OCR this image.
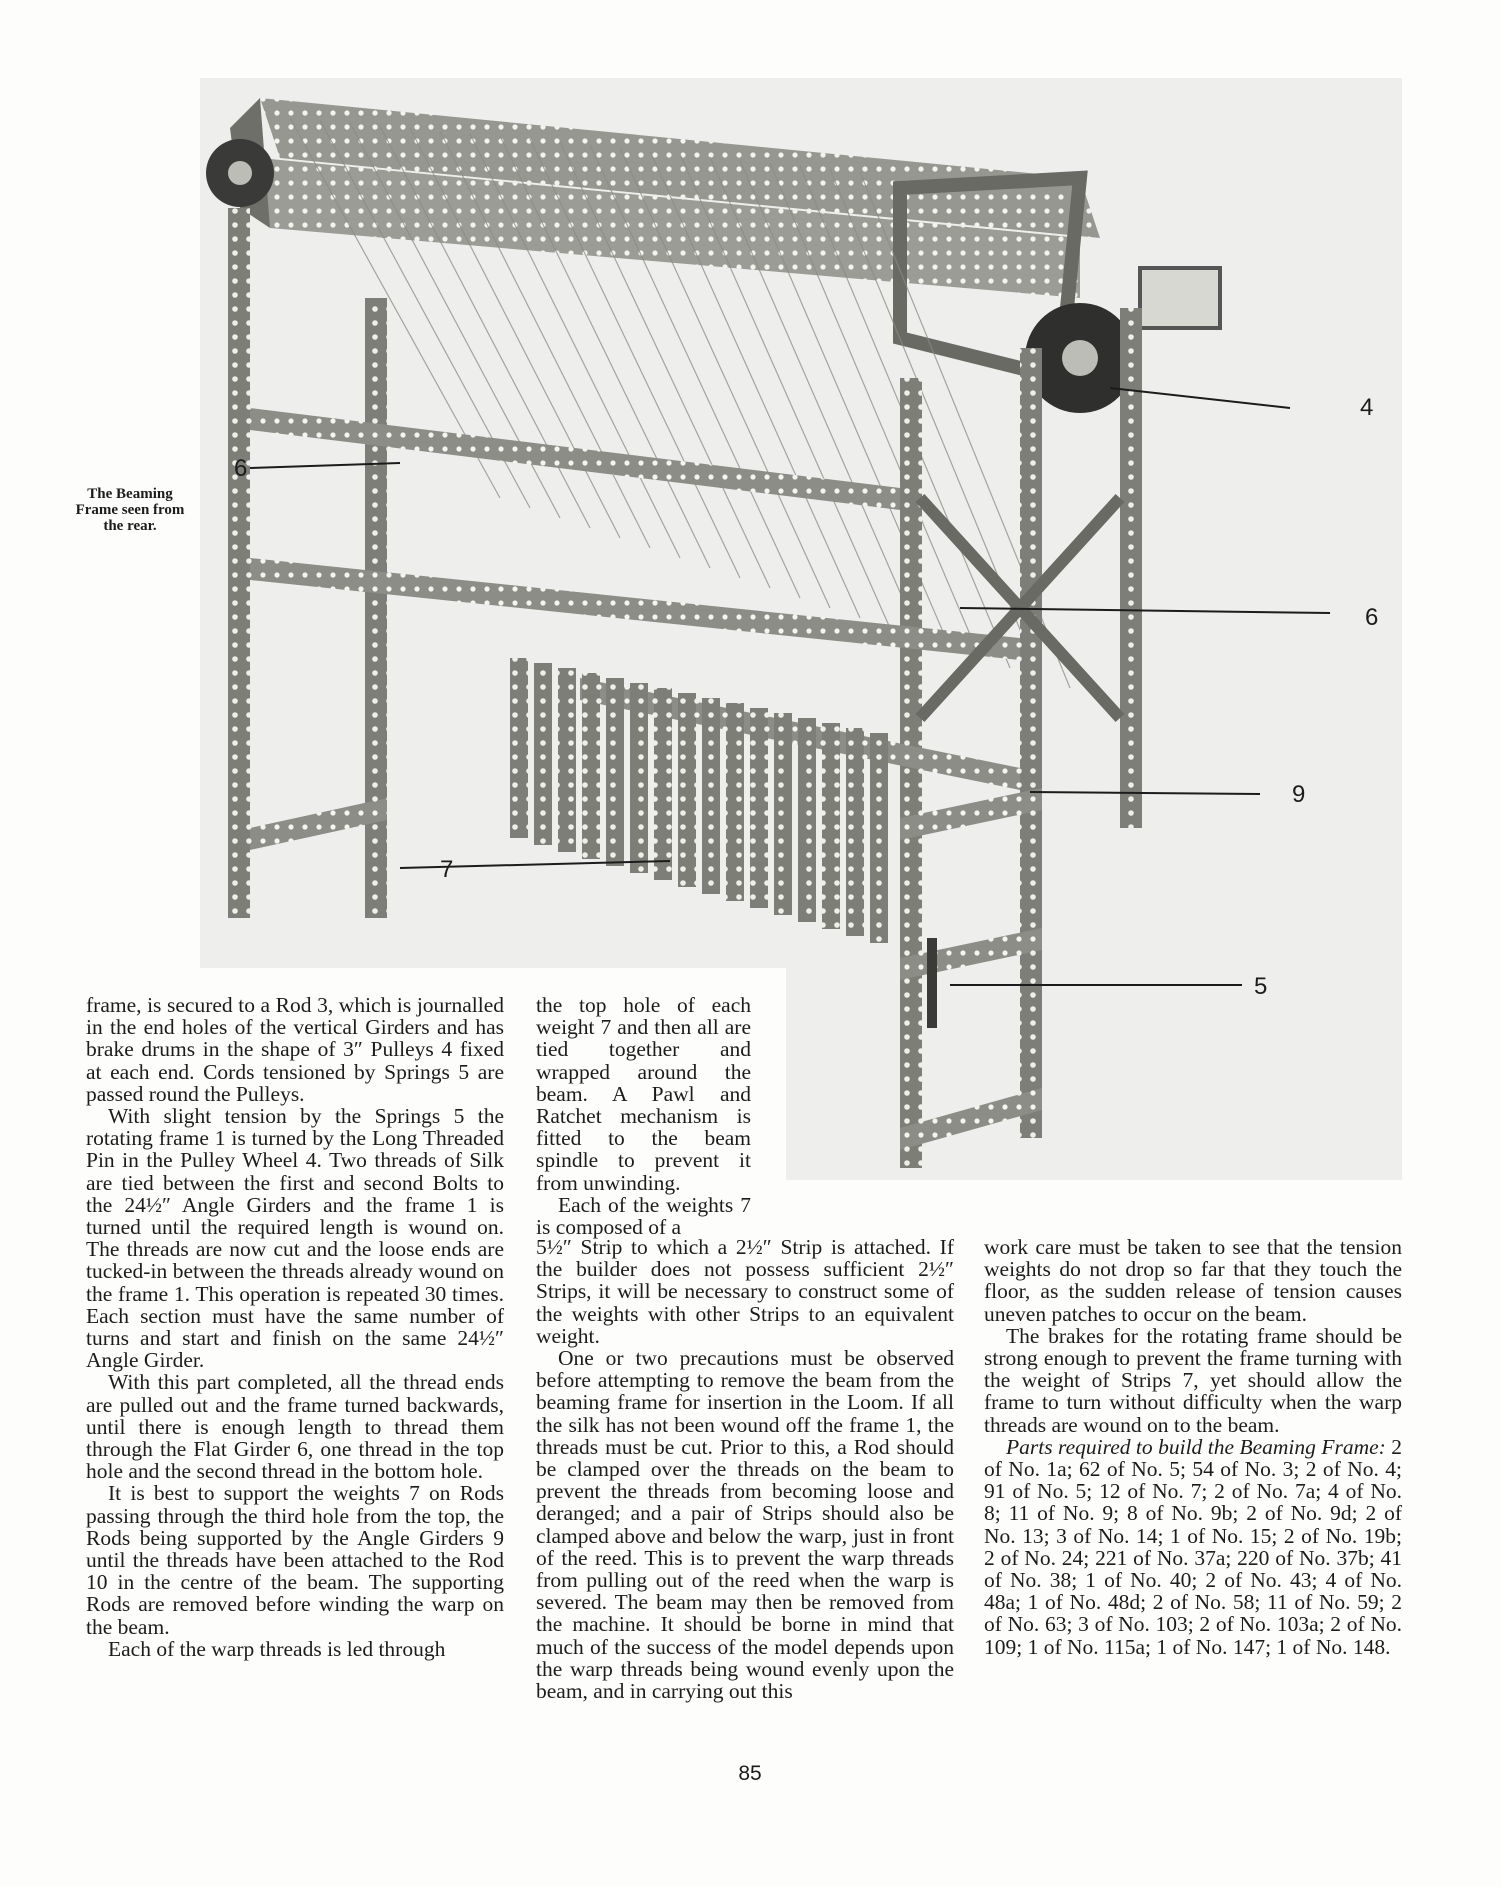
6
4
6
9
7
5
The Beaming Frame seen from the rear.

frame, is secured to a Rod 3, which is journalled in the end holes of the vertical Girders and has brake drums in the shape of 3″ Pulleys 4 fixed at each end. Cords tensioned by Springs 5 are passed round the Pulleys.

With slight tension by the Springs 5 the rotating frame 1 is turned by the Long Threaded Pin in the Pulley Wheel 4. Two threads of Silk are tied between the first and second Bolts to the 24½″ Angle Girders and the frame 1 is turned until the required length is wound on. The threads are now cut and the loose ends are tucked-in between the threads already wound on the frame 1. This operation is repeated 30 times. Each section must have the same number of turns and start and finish on the same 24½″ Angle Girder.

With this part completed, all the thread ends are pulled out and the frame turned backwards, until there is enough length to thread them through the Flat Girder 6, one thread in the top hole and the second thread in the bottom hole.

It is best to support the weights 7 on Rods passing through the third hole from the top, the Rods being supported by the Angle Girders 9 until the threads have been attached to the Rod 10 in the centre of the beam. The supporting Rods are removed before winding the warp on the beam.

Each of the warp threads is led through

the top hole of each weight 7 and then all are tied together and wrapped around the beam. A Pawl and Ratchet mechanism is fitted to the beam spindle to prevent it from unwinding.

Each of the weights 7 is composed of a

5½″ Strip to which a 2½″ Strip is attached. If the builder does not possess sufficient 2½″ Strips, it will be necessary to construct some of the weights with other Strips to an equivalent weight.

One or two precautions must be observed before attempting to remove the beam from the beaming frame for insertion in the Loom. If all the silk has not been wound off the frame 1, the threads must be cut. Prior to this, a Rod should be clamped over the threads on the beam to prevent the threads from becoming loose and deranged; and a pair of Strips should also be clamped above and below the warp, just in front of the reed. This is to prevent the warp threads from pulling out of the reed when the warp is severed. The beam may then be removed from the machine. It should be borne in mind that much of the success of the model depends upon the warp threads being wound evenly upon the beam, and in carrying out this

work care must be taken to see that the tension weights do not drop so far that they touch the floor, as the sudden release of tension causes uneven patches to occur on the beam.

The brakes for the rotating frame should be strong enough to prevent the frame turning with the weight of Strips 7, yet should allow the frame to turn without difficulty when the warp threads are wound on to the beam.

Parts required to build the Beaming Frame: 2 of No. 1a; 62 of No. 5; 54 of No. 3; 2 of No. 4; 91 of No. 5; 12 of No. 7; 2 of No. 7a; 4 of No. 8; 11 of No. 9; 8 of No. 9b; 2 of No. 9d; 2 of No. 13; 3 of No. 14; 1 of No. 15; 2 of No. 19b; 2 of No. 24; 221 of No. 37a; 220 of No. 37b; 41 of No. 38; 1 of No. 40; 2 of No. 43; 4 of No. 48a; 1 of No. 48d; 2 of No. 58; 11 of No. 59; 2 of No. 63; 3 of No. 103; 2 of No. 103a; 2 of No. 109; 1 of No. 115a; 1 of No. 147; 1 of No. 148.

85
